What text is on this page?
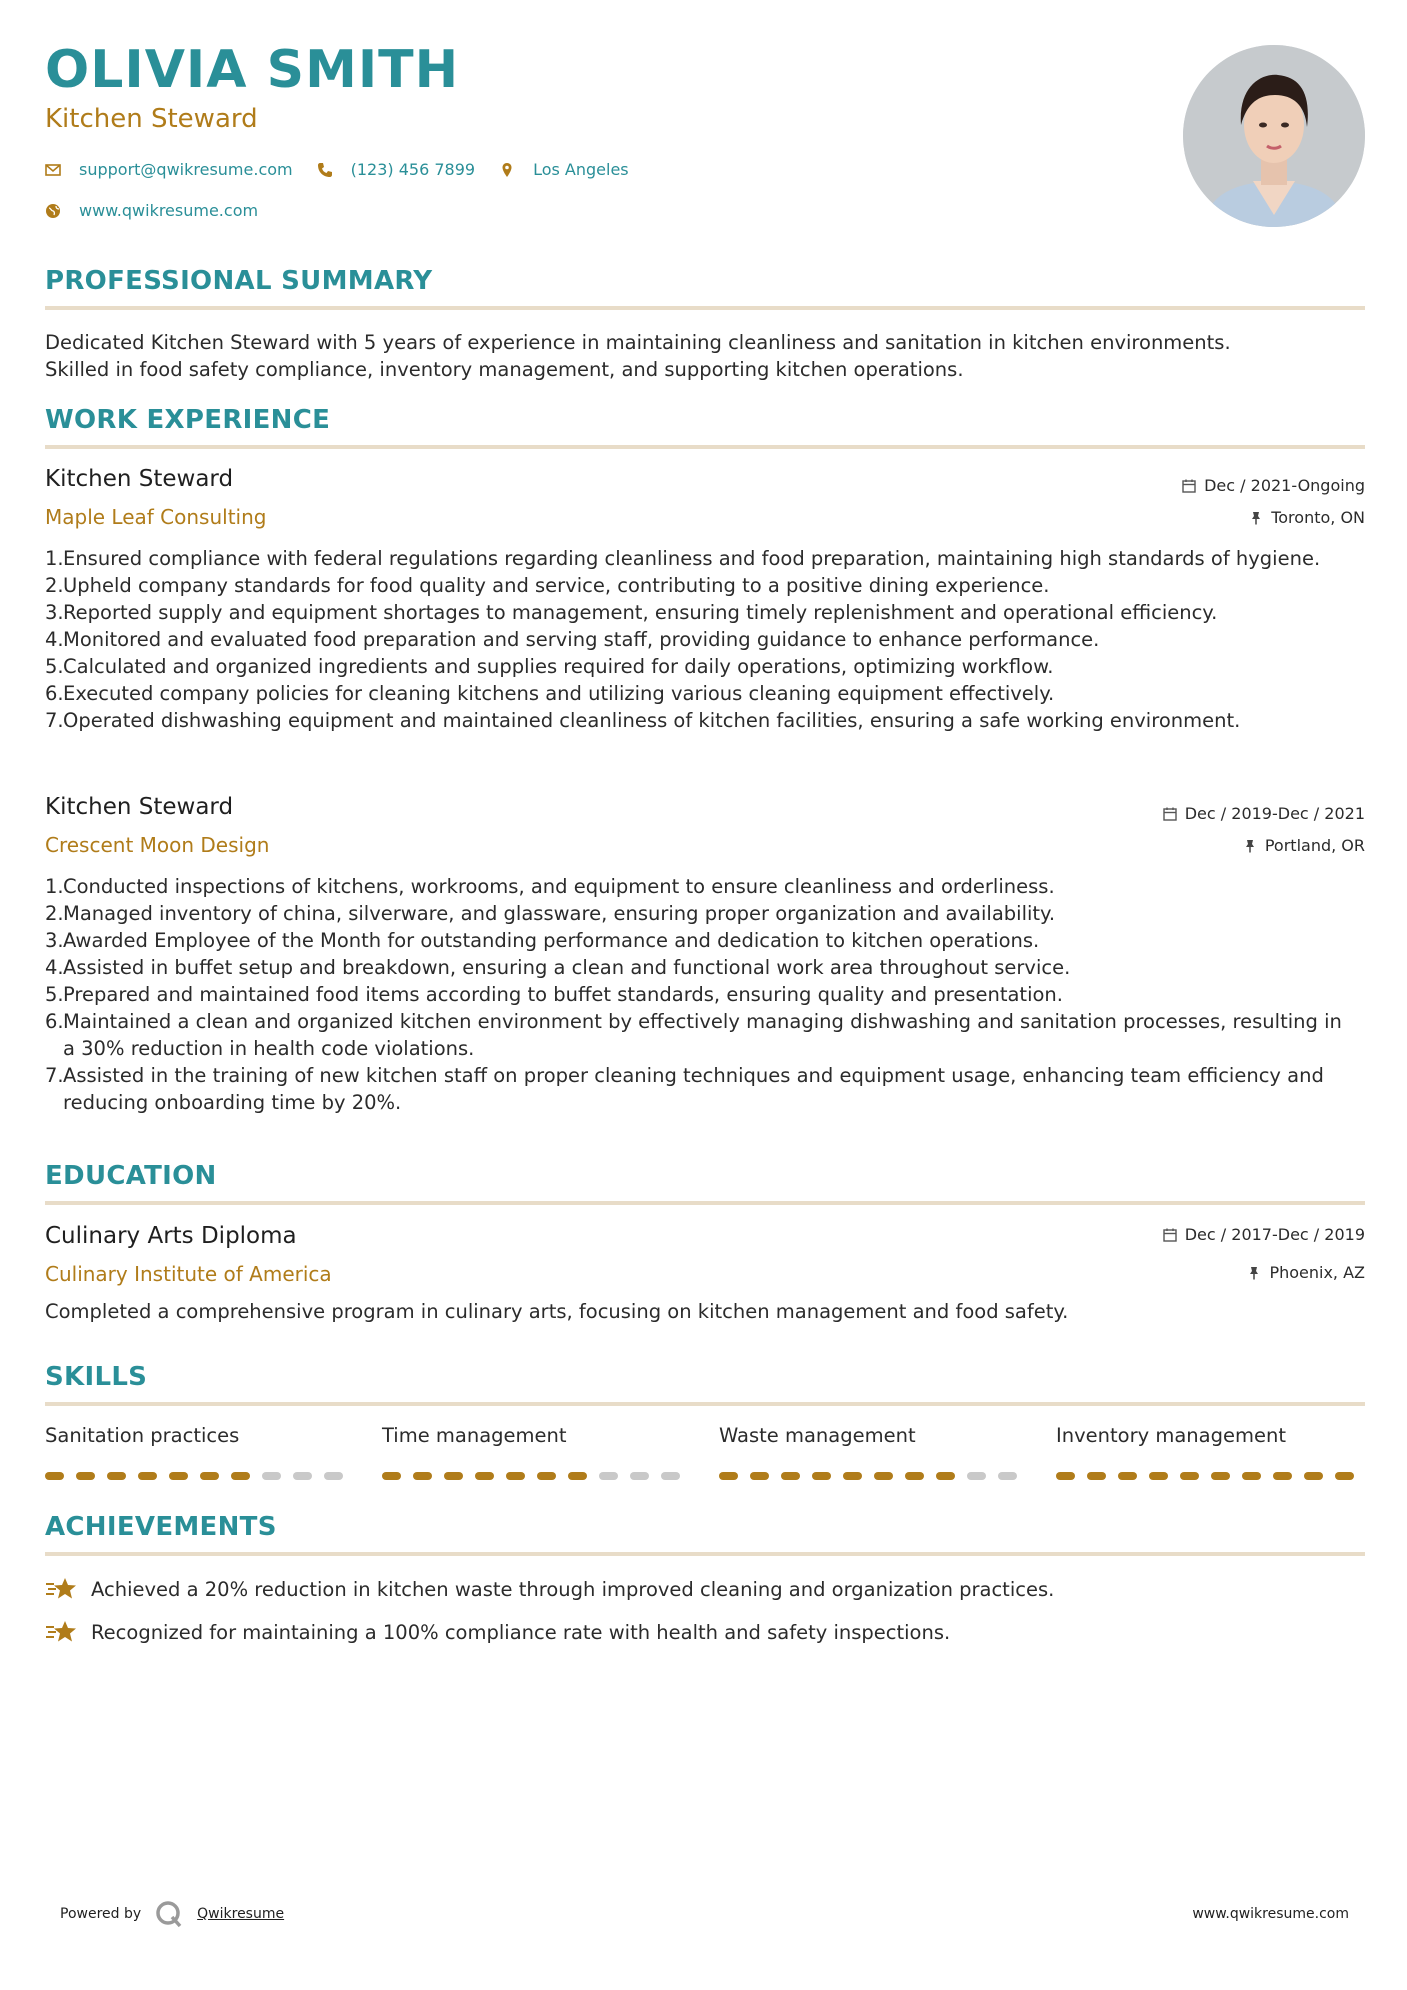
OLIVIA SMITH
Kitchen Steward
support@qwikresume.com	(123) 456 7899	Los Angeles
www.qwikresume.com
PROFESSIONAL SUMMARY
Dedicated Kitchen Steward with 5 years of experience in maintaining cleanliness and sanitation in kitchen environments.
Skilled in food safety compliance, inventory management, and supporting kitchen operations.
WORK EXPERIENCE
Kitchen Steward
Maple Leaf Consulting
Dec / 2021-Ongoing
Toronto, ON
1. Ensured compliance with federal regulations regarding cleanliness and food preparation, maintaining high standards of hygiene.
2. Upheld company standards for food quality and service, contributing to a positive dining experience.
3. Reported supply and equipment shortages to management, ensuring timely replenishment and operational efficiency.
4. Monitored and evaluated food preparation and serving staff, providing guidance to enhance performance.
5. Calculated and organized ingredients and supplies required for daily operations, optimizing workflow.
6. Executed company policies for cleaning kitchens and utilizing various cleaning equipment effectively.
7. Operated dishwashing equipment and maintained cleanliness of kitchen facilities, ensuring a safe working environment.
Kitchen Steward
Crescent Moon Design
Dec / 2019-Dec / 2021
Portland, OR
1. Conducted inspections of kitchens, workrooms, and equipment to ensure cleanliness and orderliness.
2. Managed inventory of china, silverware, and glassware, ensuring proper organization and availability.
3. Awarded Employee of the Month for outstanding performance and dedication to kitchen operations.
4. Assisted in buffet setup and breakdown, ensuring a clean and functional work area throughout service.
5. Prepared and maintained food items according to buffet standards, ensuring quality and presentation.
6. Maintained a clean and organized kitchen environment by effectively managing dishwashing and sanitation processes, resulting in a 30% reduction in health code violations.
7. Assisted in the training of new kitchen staff on proper cleaning techniques and equipment usage, enhancing team efficiency and reducing onboarding time by 20%.
EDUCATION
Culinary Arts Diploma
Culinary Institute of America
Dec / 2017-Dec / 2019
Phoenix, AZ
Completed a comprehensive program in culinary arts, focusing on kitchen management and food safety.
SKILLS
Sanitation practices	Time management	Waste management	Inventory management
ACHIEVEMENTS
Achieved a 20% reduction in kitchen waste through improved cleaning and organization practices.
Recognized for maintaining a 100% compliance rate with health and safety inspections.
Powered by	Qwikresume	www.qwikresume.com
